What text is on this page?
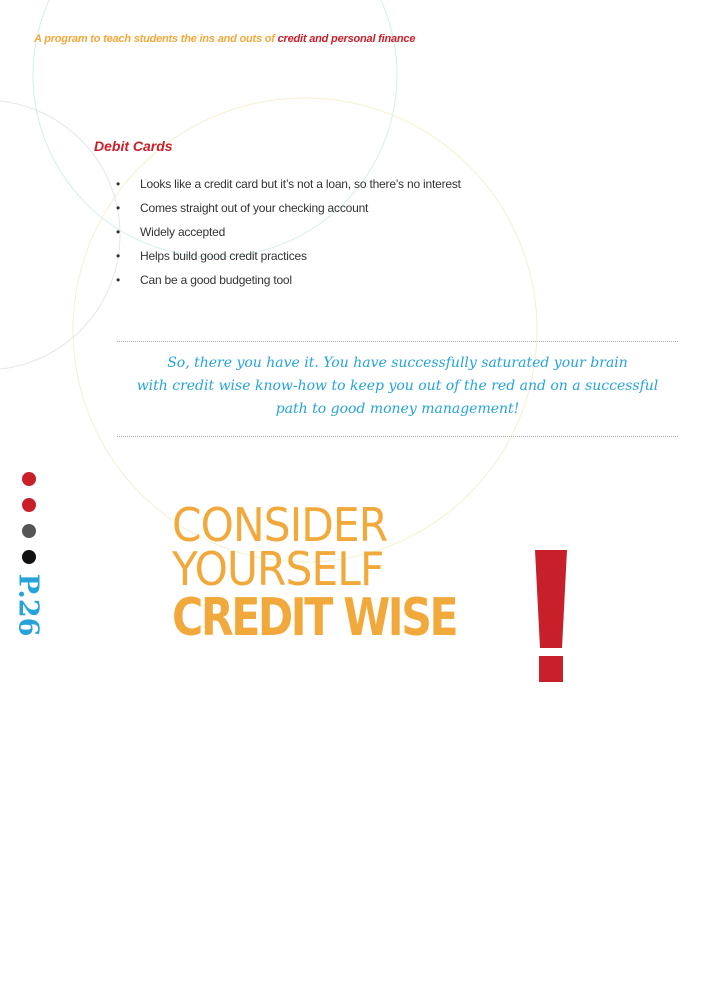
A program to teach students the ins and outs of credit and personal finance
Debit Cards
• Looks like a credit card but it’s not a loan, so there’s no interest
• Comes straight out of your checking account
• Widely accepted
• Helps build good credit practices
• Can be a good budgeting tool

So, there you have it. You have successfully saturated your brain
with credit wise know-how to keep you out of the red and on a successful
path to good money management!

P.26
CONSIDER
YOURSELF
CREDIT WISE
!
